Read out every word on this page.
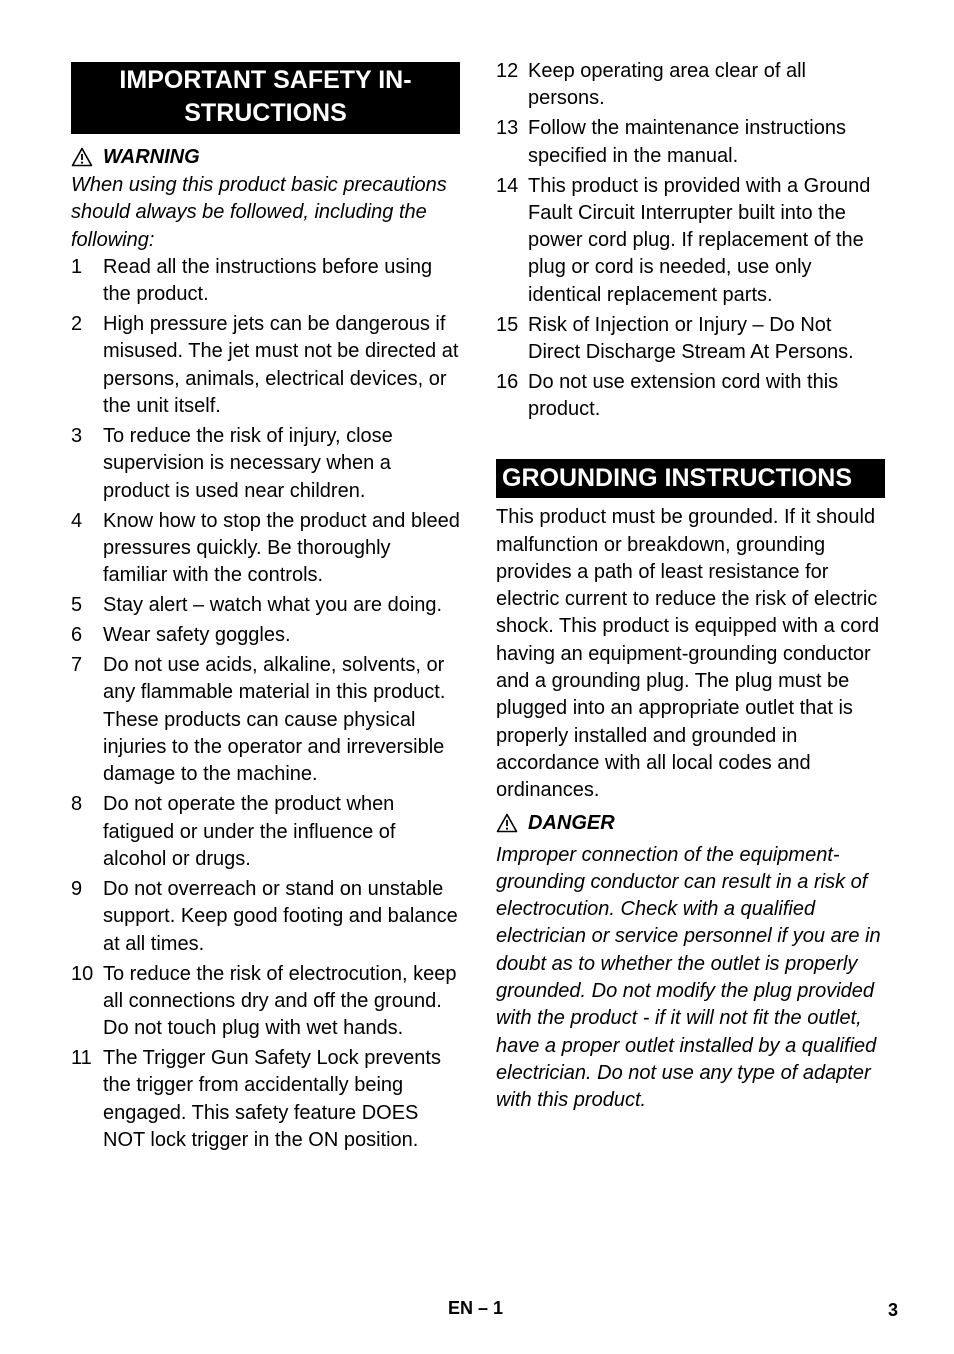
IMPORTANT SAFETY IN-
STRUCTIONS
WARNING
When using this product basic precautions should always be followed, including the following:
1	Read all the instructions before using the product.
2	High pressure jets can be dangerous if misused. The jet must not be directed at persons, animals, electrical devices, or the unit itself.
3	To reduce the risk of injury, close supervision is necessary when a product is used near children.
4	Know how to stop the product and bleed pressures quickly. Be thoroughly familiar with the controls.
5	Stay alert – watch what you are doing.
6	Wear safety goggles.
7	Do not use acids, alkaline, solvents, or any flammable material in this product. These products can cause physical injuries to the operator and irreversible damage to the machine.
8	Do not operate the product when fatigued or under the influence of alcohol or drugs.
9	Do not overreach or stand on unstable support. Keep good footing and balance at all times.
10 To reduce the risk of electrocution, keep all connections dry and off the ground. Do not touch plug with wet hands.
11 The Trigger Gun Safety Lock prevents the trigger from accidentally being engaged. This safety feature DOES NOT lock trigger in the ON position.
12 Keep operating area clear of all persons.
13 Follow the maintenance instructions specified in the manual.
14 This product is provided with a Ground Fault Circuit Interrupter built into the power cord plug. If replacement of the plug or cord is needed, use only identical replacement parts.
15 Risk of Injection or Injury – Do Not Direct Discharge Stream At Persons.
16 Do not use extension cord with this product.
GROUNDING INSTRUCTIONS
This product must be grounded. If it should malfunction or breakdown, grounding provides a path of least resistance for electric current to reduce the risk of electric shock. This product is equipped with a cord having an equipment-grounding conductor and a grounding plug. The plug must be plugged into an appropriate outlet that is properly installed and grounded in accordance with all local codes and ordinances.
DANGER
Improper connection of the equipment-grounding conductor can result in a risk of electrocution. Check with a qualified electrician or service personnel if you are in doubt as to whether the outlet is properly grounded. Do not modify the plug provided with the product - if it will not fit the outlet, have a proper outlet installed by a qualified electrician. Do not use any type of adapter with this product.
EN – 1	3
